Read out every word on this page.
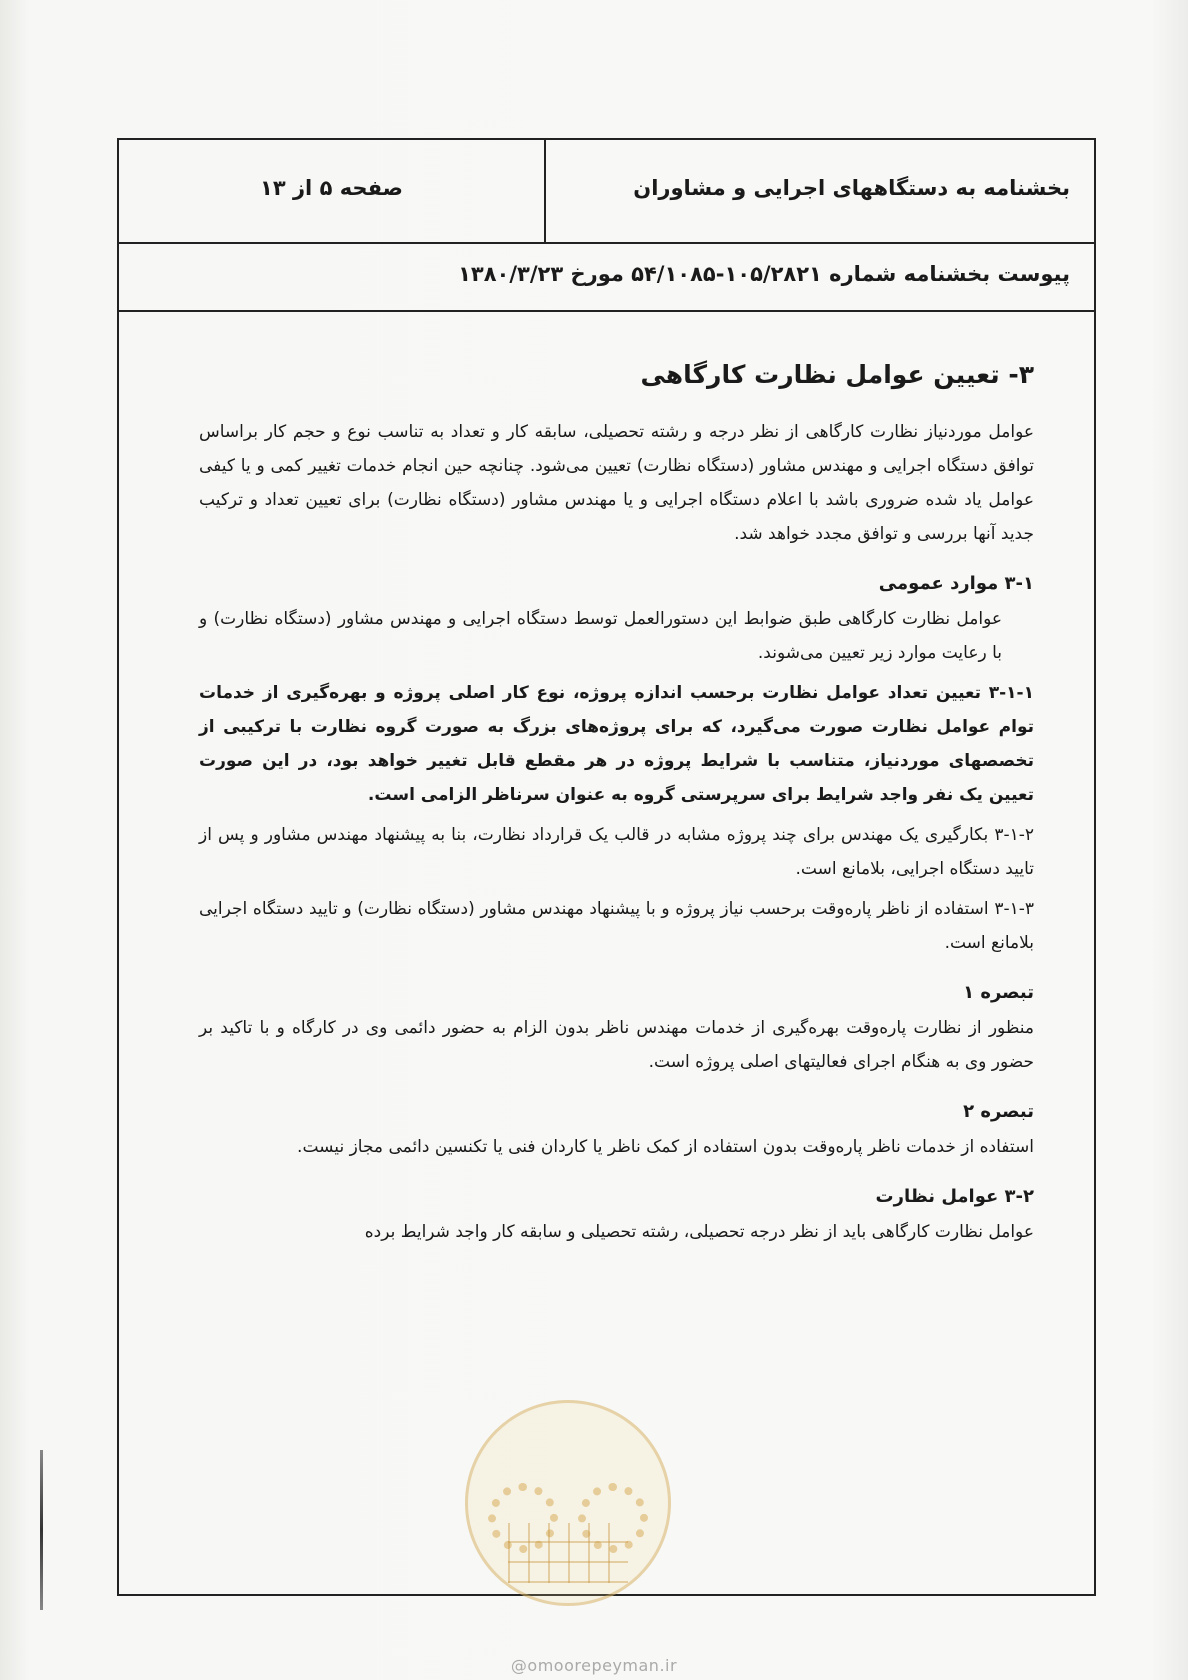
بخشنامه به دستگاههای اجرایی و مشاوران
صفحه ۵ از ۱۳
پیوست بخشنامه شماره ۱۰۵/۲۸۲۱-۵۴/۱۰۸۵ مورخ ۱۳۸۰/۳/۲۳
۳- تعیین عوامل نظارت کارگاهی

عوامل موردنیاز نظارت کارگاهی از نظر درجه و رشته تحصیلی، سابقه کار و تعداد به تناسب نوع و حجم کار براساس توافق دستگاه اجرایی و مهندس مشاور (دستگاه نظارت) تعیین می‌شود. چنانچه حین انجام خدمات تغییر کمی و یا کیفی عوامل یاد شده ضروری باشد با اعلام دستگاه اجرایی و یا مهندس مشاور (دستگاه نظارت) برای تعیین تعداد و ترکیب جدید آنها بررسی و توافق مجدد خواهد شد.

۳-۱ موارد عمومی

عوامل نظارت کارگاهی طبق ضوابط این دستورالعمل توسط دستگاه اجرایی و مهندس مشاور (دستگاه نظارت) و با رعایت موارد زیر تعیین می‌شوند.

۳-۱-۱ تعیین تعداد عوامل نظارت برحسب اندازه پروژه، نوع کار اصلی پروژه و بهره‌گیری از خدمات توام عوامل نظارت صورت می‌گیرد، که برای پروژه‌های بزرگ به صورت گروه نظارت با ترکیبی از تخصصهای موردنیاز، متناسب با شرایط پروژه در هر مقطع قابل تغییر خواهد بود، در این صورت تعیین یک نفر واجد شرایط برای سرپرستی گروه به عنوان سرناظر الزامی است.

۳-۱-۲ بکارگیری یک مهندس برای چند پروژه مشابه در قالب یک قرارداد نظارت، بنا به پیشنهاد مهندس مشاور و پس از تایید دستگاه اجرایی، بلامانع است.

۳-۱-۳ استفاده از ناظر پاره‌وقت برحسب نیاز پروژه و با پیشنهاد مهندس مشاور (دستگاه نظارت) و تایید دستگاه اجرایی بلامانع است.

تبصره ۱

منظور از نظارت پاره‌وقت بهره‌گیری از خدمات مهندس ناظر بدون الزام به حضور دائمی وی در کارگاه و با تاکید بر حضور وی به هنگام اجرای فعالیتهای اصلی پروژه است.

تبصره ۲

استفاده از خدمات ناظر پاره‌وقت بدون استفاده از کمک ناظر یا کاردان فنی یا تکنسین دائمی مجاز نیست.

۳-۲ عوامل نظارت

عوامل نظارت کارگاهی باید از نظر درجه تحصیلی، رشته تحصیلی و سابقه کار واجد شرایط برده

@omoorepeyman.ir
